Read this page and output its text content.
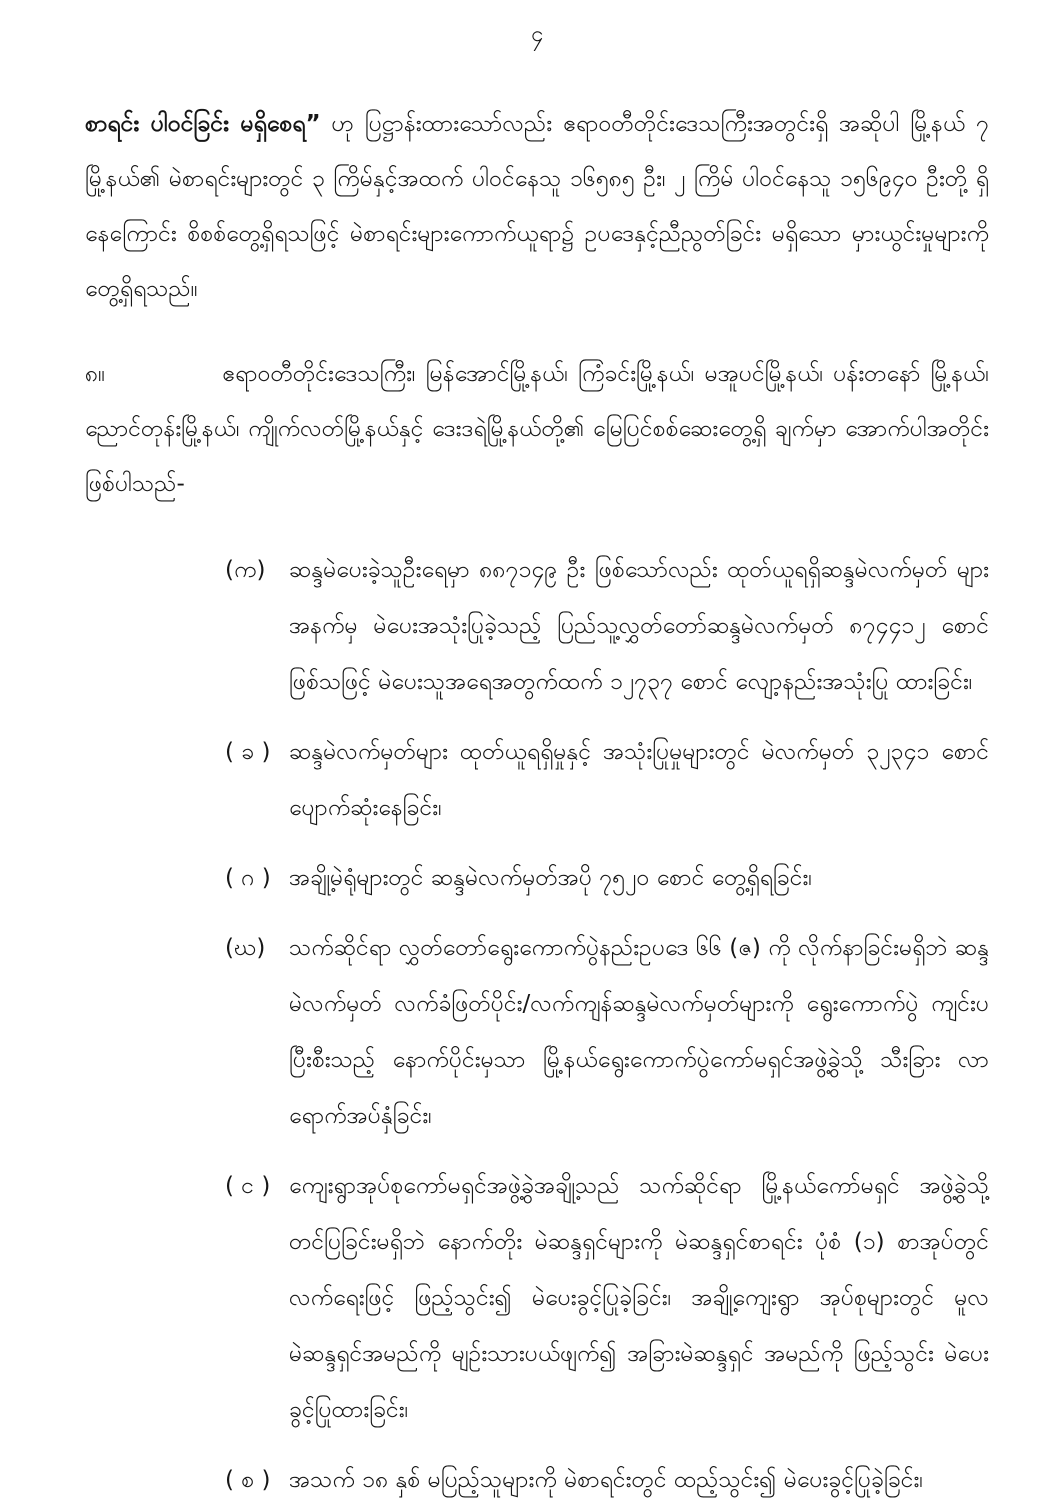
၄

စာရင်း ပါဝင်ခြင်း မရှိစေရ” ဟု ပြဋ္ဌာန်းထားသော်လည်း ဧရာဝတီတိုင်းဒေသကြီးအတွင်းရှိ အဆိုပါ မြို့နယ် ၇ မြို့နယ်၏ မဲစာရင်းများတွင် ၃ ကြိမ်နှင့်အထက် ပါဝင်နေသူ ၁၆၅၈၅ ဦး၊ ၂ ကြိမ် ပါဝင်နေသူ ၁၅၆၉၄၀ ဦးတို့ ရှိနေကြောင်း စိစစ်တွေ့ရှိရသဖြင့် မဲစာရင်းများကောက်ယူရာ၌ ဥပဒေနှင့်ညီညွတ်ခြင်း မရှိသော မှားယွင်းမှုများကို တွေ့ရှိရသည်။

၈။	ဧရာဝတီတိုင်းဒေသကြီး၊ မြန်အောင်မြို့နယ်၊ ကြံခင်းမြို့နယ်၊ မအူပင်မြို့နယ်၊ ပန်းတနော် မြို့နယ်၊ ညောင်တုန်းမြို့နယ်၊ ကျိုက်လတ်မြို့နယ်နှင့် ဒေးဒရဲမြို့နယ်တို့၏ မြေပြင်စစ်ဆေးတွေ့ရှိ ချက်မှာ အောက်ပါအတိုင်းဖြစ်ပါသည်-

(က)	ဆန္ဒမဲပေးခဲ့သူဦးရေမှာ ၈၈၇၁၄၉ ဦး ဖြစ်သော်လည်း ထုတ်ယူရရှိဆန္ဒမဲလက်မှတ် များအနက်မှ မဲပေးအသုံးပြုခဲ့သည့် ပြည်သူ့လွှတ်တော်ဆန္ဒမဲလက်မှတ် ၈၇၄၄၁၂ စောင် ဖြစ်သဖြင့် မဲပေးသူအရေအတွက်ထက် ၁၂၇၃၇ စောင် လျော့နည်းအသုံးပြု ထားခြင်း၊
( ခ ) ဆန္ဒမဲလက်မှတ်များ ထုတ်ယူရရှိမှုနှင့် အသုံးပြုမှုများတွင် မဲလက်မှတ် ၃၂၃၄၁ စောင် ပျောက်ဆုံးနေခြင်း၊
( ဂ ) အချို့မဲရုံများတွင် ဆန္ဒမဲလက်မှတ်အပို ၇၅၂၀ စောင် တွေ့ရှိရခြင်း၊
(ဃ)	သက်ဆိုင်ရာ လွှတ်တော်ရွေးကောက်ပွဲနည်းဥပဒေ ၆၆ (ဇ) ကို လိုက်နာခြင်းမရှိဘဲ ဆန္ဒမဲလက်မှတ် လက်ခံဖြတ်ပိုင်း/လက်ကျန်ဆန္ဒမဲလက်မှတ်များကို ရွေးကောက်ပွဲ ကျင်းပပြီးစီးသည့် နောက်ပိုင်းမှသာ မြို့နယ်ရွေးကောက်ပွဲကော်မရှင်အဖွဲ့ခွဲသို့ သီးခြား လာရောက်အပ်နှံခြင်း၊
( င ) ကျေးရွာအုပ်စုကော်မရှင်အဖွဲ့ခွဲအချို့သည် သက်ဆိုင်ရာ မြို့နယ်ကော်မရှင် အဖွဲ့ခွဲသို့ တင်ပြခြင်းမရှိဘဲ နောက်တိုး မဲဆန္ဒရှင်များကို မဲဆန္ဒရှင်စာရင်း ပုံစံ (၁) စာအုပ်တွင် လက်ရေးဖြင့် ဖြည့်သွင်း၍ မဲပေးခွင့်ပြုခဲ့ခြင်း၊ အချို့ကျေးရွာ အုပ်စုများတွင် မူလမဲဆန္ဒရှင်အမည်ကို မျဉ်းသားပယ်ဖျက်၍ အခြားမဲဆန္ဒရှင် အမည်ကို ဖြည့်သွင်း မဲပေးခွင့်ပြုထားခြင်း၊
( စ ) အသက် ၁၈ နှစ် မပြည့်သူများကို မဲစာရင်းတွင် ထည့်သွင်း၍ မဲပေးခွင့်ပြုခဲ့ခြင်း၊
